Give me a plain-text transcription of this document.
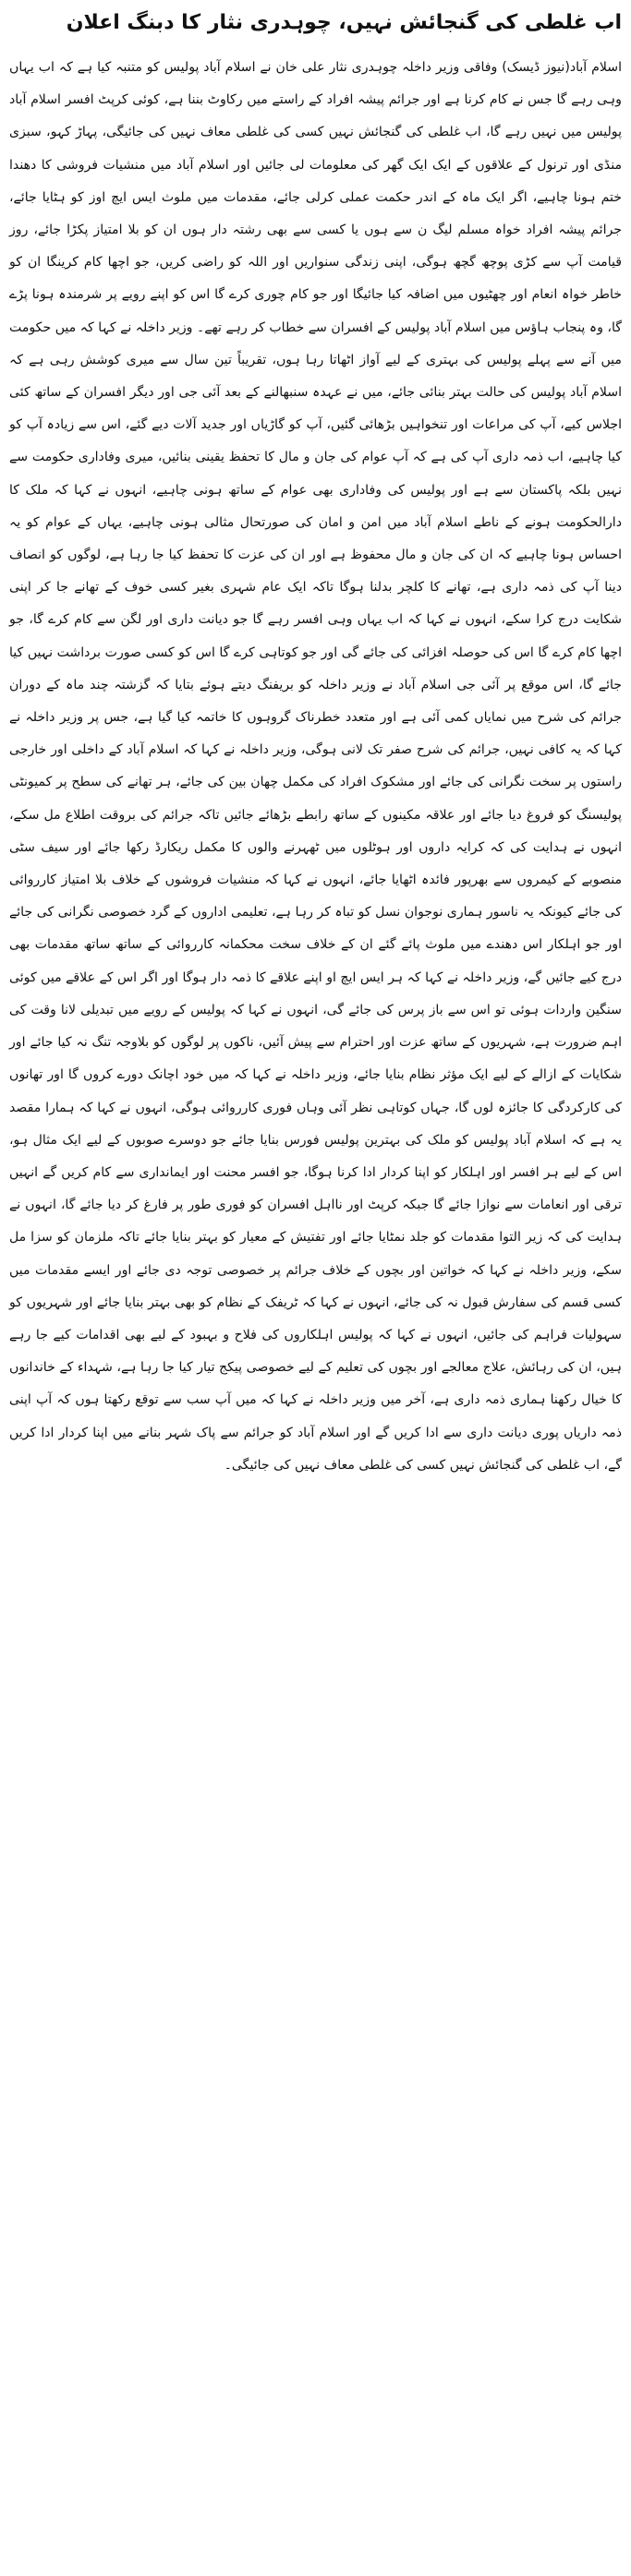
اب غلطی کی گنجائش نہیں، چوہدری نثار کا دبنگ اعلان

اسلام آباد(نیوز ڈیسک) وفاقی وزیر داخلہ چوہدری نثار علی خان نے اسلام آباد پولیس کو متنبہ کیا ہے کہ اب یہاں وہی رہے گا جس نے کام کرنا ہے اور جرائم پیشہ افراد کے راستے میں رکاوٹ بننا ہے، کوئی کرپٹ افسر اسلام آباد پولیس میں نہیں رہے گا، اب غلطی کی گنجائش نہیں کسی کی غلطی معاف نہیں کی جائیگی، پہاڑ کہو، سبزی منڈی اور ترنول کے علاقوں کے ایک ایک گھر کی معلومات لی جائیں اور اسلام آباد میں منشیات فروشی کا دھندا ختم ہونا چاہیے، اگر ایک ماہ کے اندر حکمت عملی کرلی جائے، مقدمات میں ملوث ایس ایچ اوز کو ہٹایا جائے، جرائم پیشہ افراد خواہ مسلم لیگ ن سے ہوں یا کسی سے بھی رشتہ دار ہوں ان کو بلا امتیاز پکڑا جائے، روز قیامت آپ سے کڑی پوچھ گچھ ہوگی، اپنی زندگی سنواریں اور اللہ کو راضی کریں، جو اچھا کام کرینگا ان کو خاطر خواہ انعام اور چھٹیوں میں اضافہ کیا جائیگا اور جو کام چوری کرے گا اس کو اپنے رویے پر شرمندہ ہونا پڑے گا، وہ پنجاب ہاؤس میں اسلام آباد پولیس کے افسران سے خطاب کر رہے تھے۔ وزیر داخلہ نے کہا کہ میں حکومت میں آنے سے پہلے پولیس کی بہتری کے لیے آواز اٹھاتا رہا ہوں، تقریباً تین سال سے میری کوشش رہی ہے کہ اسلام آباد پولیس کی حالت بہتر بنائی جائے، میں نے عہدہ سنبھالنے کے بعد آئی جی اور دیگر افسران کے ساتھ کئی اجلاس کیے، آپ کی مراعات اور تنخواہیں بڑھائی گئیں، آپ کو گاڑیاں اور جدید آلات دیے گئے، اس سے زیادہ آپ کو کیا چاہیے، اب ذمہ داری آپ کی ہے کہ آپ عوام کی جان و مال کا تحفظ یقینی بنائیں، میری وفاداری حکومت سے نہیں بلکہ پاکستان سے ہے اور پولیس کی وفاداری بھی عوام کے ساتھ ہونی چاہیے، انہوں نے کہا کہ ملک کا دارالحکومت ہونے کے ناطے اسلام آباد میں امن و امان کی صورتحال مثالی ہونی چاہیے، یہاں کے عوام کو یہ احساس ہونا چاہیے کہ ان کی جان و مال محفوظ ہے اور ان کی عزت کا تحفظ کیا جا رہا ہے، لوگوں کو انصاف دینا آپ کی ذمہ داری ہے، تھانے کا کلچر بدلنا ہوگا تاکہ ایک عام شہری بغیر کسی خوف کے تھانے جا کر اپنی شکایت درج کرا سکے، انہوں نے کہا کہ اب یہاں وہی افسر رہے گا جو دیانت داری اور لگن سے کام کرے گا، جو اچھا کام کرے گا اس کی حوصلہ افزائی کی جائے گی اور جو کوتاہی کرے گا اس کو کسی صورت برداشت نہیں کیا جائے گا، اس موقع پر آئی جی اسلام آباد نے وزیر داخلہ کو بریفنگ دیتے ہوئے بتایا کہ گزشتہ چند ماہ کے دوران جرائم کی شرح میں نمایاں کمی آئی ہے اور متعدد خطرناک گروہوں کا خاتمہ کیا گیا ہے، جس پر وزیر داخلہ نے کہا کہ یہ کافی نہیں، جرائم کی شرح صفر تک لانی ہوگی، وزیر داخلہ نے کہا کہ اسلام آباد کے داخلی اور خارجی راستوں پر سخت نگرانی کی جائے اور مشکوک افراد کی مکمل چھان بین کی جائے، ہر تھانے کی سطح پر کمیونٹی پولیسنگ کو فروغ دیا جائے اور علاقہ مکینوں کے ساتھ رابطے بڑھائے جائیں تاکہ جرائم کی بروقت اطلاع مل سکے، انہوں نے ہدایت کی کہ کرایہ داروں اور ہوٹلوں میں ٹھہرنے والوں کا مکمل ریکارڈ رکھا جائے اور سیف سٹی منصوبے کے کیمروں سے بھرپور فائدہ اٹھایا جائے، انہوں نے کہا کہ منشیات فروشوں کے خلاف بلا امتیاز کارروائی کی جائے کیونکہ یہ ناسور ہماری نوجوان نسل کو تباہ کر رہا ہے، تعلیمی اداروں کے گرد خصوصی نگرانی کی جائے اور جو اہلکار اس دھندے میں ملوث پائے گئے ان کے خلاف سخت محکمانہ کارروائی کے ساتھ ساتھ مقدمات بھی درج کیے جائیں گے، وزیر داخلہ نے کہا کہ ہر ایس ایچ او اپنے علاقے کا ذمہ دار ہوگا اور اگر اس کے علاقے میں کوئی سنگین واردات ہوئی تو اس سے باز پرس کی جائے گی، انہوں نے کہا کہ پولیس کے رویے میں تبدیلی لانا وقت کی اہم ضرورت ہے، شہریوں کے ساتھ عزت اور احترام سے پیش آئیں، ناکوں پر لوگوں کو بلاوجہ تنگ نہ کیا جائے اور شکایات کے ازالے کے لیے ایک مؤثر نظام بنایا جائے، وزیر داخلہ نے کہا کہ میں خود اچانک دورے کروں گا اور تھانوں کی کارکردگی کا جائزہ لوں گا، جہاں کوتاہی نظر آئی وہاں فوری کارروائی ہوگی، انہوں نے کہا کہ ہمارا مقصد یہ ہے کہ اسلام آباد پولیس کو ملک کی بہترین پولیس فورس بنایا جائے جو دوسرے صوبوں کے لیے ایک مثال ہو، اس کے لیے ہر افسر اور اہلکار کو اپنا کردار ادا کرنا ہوگا، جو افسر محنت اور ایمانداری سے کام کریں گے انہیں ترقی اور انعامات سے نوازا جائے گا جبکہ کرپٹ اور نااہل افسران کو فوری طور پر فارغ کر دیا جائے گا، انہوں نے ہدایت کی کہ زیر التوا مقدمات کو جلد نمٹایا جائے اور تفتیش کے معیار کو بہتر بنایا جائے تاکہ ملزمان کو سزا مل سکے، وزیر داخلہ نے کہا کہ خواتین اور بچوں کے خلاف جرائم پر خصوصی توجہ دی جائے اور ایسے مقدمات میں کسی قسم کی سفارش قبول نہ کی جائے، انہوں نے کہا کہ ٹریفک کے نظام کو بھی بہتر بنایا جائے اور شہریوں کو سہولیات فراہم کی جائیں، انہوں نے کہا کہ پولیس اہلکاروں کی فلاح و بہبود کے لیے بھی اقدامات کیے جا رہے ہیں، ان کی رہائش، علاج معالجے اور بچوں کی تعلیم کے لیے خصوصی پیکج تیار کیا جا رہا ہے، شہداء کے خاندانوں کا خیال رکھنا ہماری ذمہ داری ہے، آخر میں وزیر داخلہ نے کہا کہ میں آپ سب سے توقع رکھتا ہوں کہ آپ اپنی ذمہ داریاں پوری دیانت داری سے ادا کریں گے اور اسلام آباد کو جرائم سے پاک شہر بنانے میں اپنا کردار ادا کریں گے، اب غلطی کی گنجائش نہیں کسی کی غلطی معاف نہیں کی جائیگی۔
